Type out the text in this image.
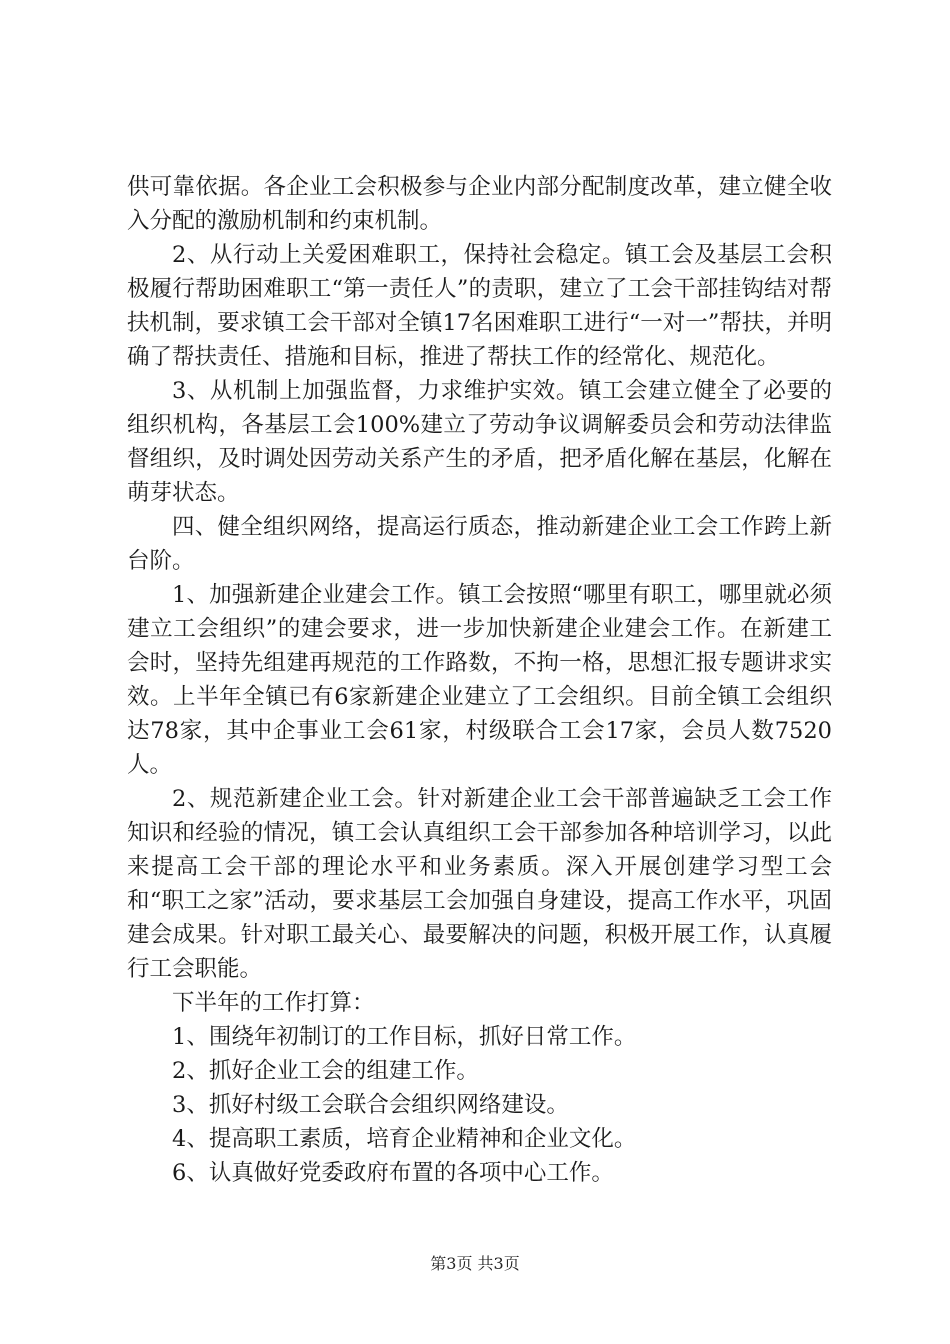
供可靠依据。各企业工会积极参与企业内部分配制度改革，建立健全收入分配的激励机制和约束机制。

2、从行动上关爱困难职工，保持社会稳定。镇工会及基层工会积极履行帮助困难职工“第一责任人”的责职，建立了工会干部挂钩结对帮扶机制，要求镇工会干部对全镇17名困难职工进行“一对一”帮扶，并明确了帮扶责任、措施和目标，推进了帮扶工作的经常化、规范化。

3、从机制上加强监督，力求维护实效。镇工会建立健全了必要的组织机构，各基层工会100%建立了劳动争议调解委员会和劳动法律监督组织，及时调处因劳动关系产生的矛盾，把矛盾化解在基层，化解在萌芽状态。

四、健全组织网络，提高运行质态，推动新建企业工会工作跨上新台阶。

1、加强新建企业建会工作。镇工会按照“哪里有职工，哪里就必须建立工会组织”的建会要求，进一步加快新建企业建会工作。在新建工会时，坚持先组建再规范的工作路数，不拘一格，思想汇报专题讲求实效。上半年全镇已有6家新建企业建立了工会组织。目前全镇工会组织达78家，其中企事业工会61家，村级联合工会17家，会员人数7520人。

2、规范新建企业工会。针对新建企业工会干部普遍缺乏工会工作知识和经验的情况，镇工会认真组织工会干部参加各种培训学习，以此来提高工会干部的理论水平和业务素质。深入开展创建学习型工会和“职工之家”活动，要求基层工会加强自身建设，提高工作水平，巩固建会成果。针对职工最关心、最要解决的问题，积极开展工作，认真履行工会职能。

下半年的工作打算：

1、围绕年初制订的工作目标，抓好日常工作。

2、抓好企业工会的组建工作。

3、抓好村级工会联合会组织网络建设。

4、提高职工素质，培育企业精神和企业文化。

6、认真做好党委政府布置的各项中心工作。

第3页 共3页
